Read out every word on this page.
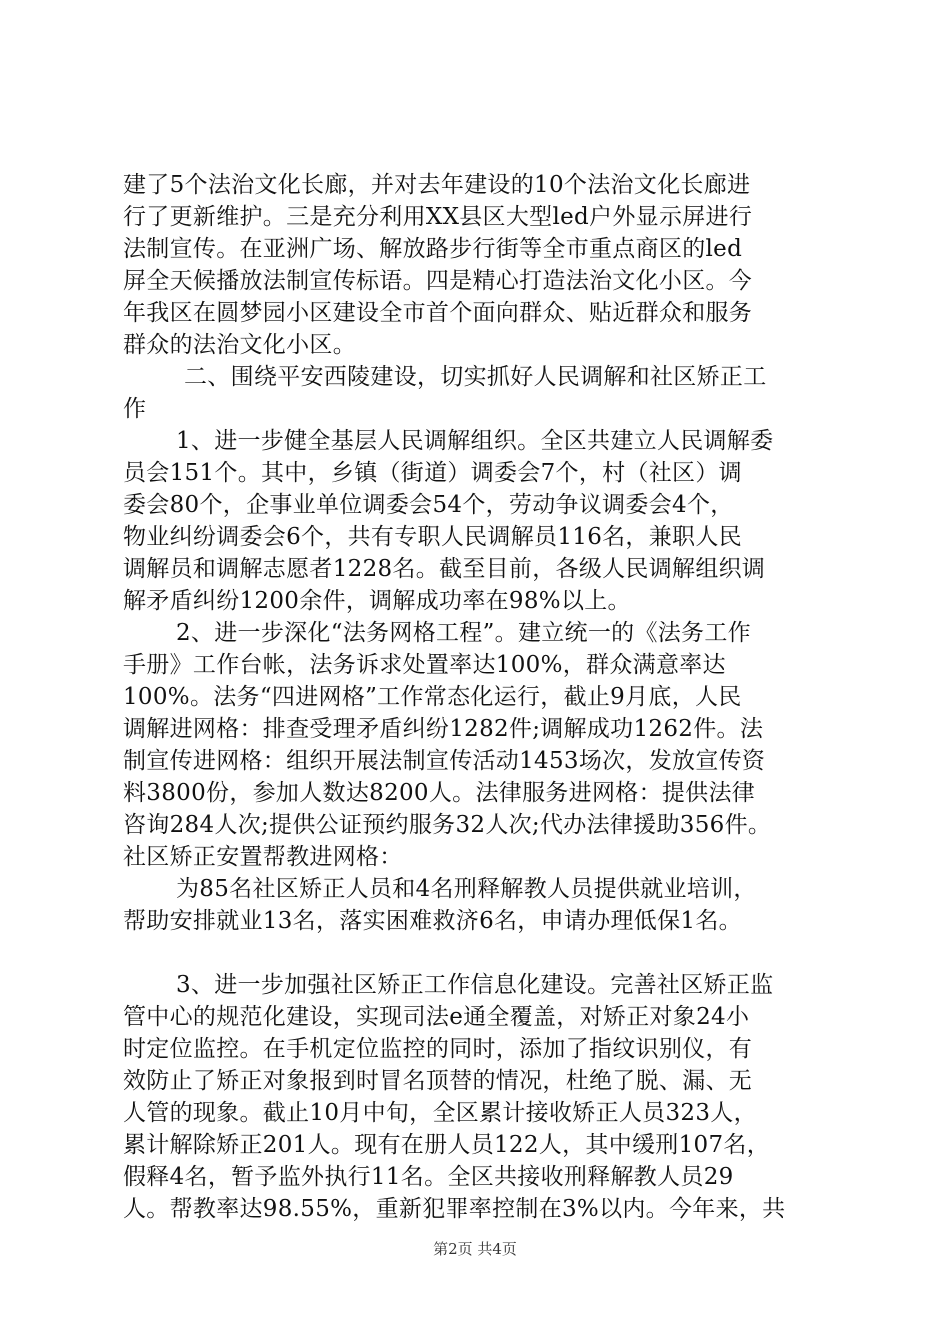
建了5个法治文化长廊，并对去年建设的10个法治文化长廊进
行了更新维护。三是充分利用XX县区大型led户外显示屏进行
法制宣传。在亚洲广场、解放路步行街等全市重点商区的led
屏全天候播放法制宣传标语。四是精心打造法治文化小区。今
年我区在圆梦园小区建设全市首个面向群众、贴近群众和服务
群众的法治文化小区。
二、围绕平安西陵建设，切实抓好人民调解和社区矫正工
作
1、进一步健全基层人民调解组织。全区共建立人民调解委
员会151个。其中，乡镇（街道）调委会7个，村（社区）调
委会80个，企事业单位调委会54个，劳动争议调委会4个，
物业纠纷调委会6个，共有专职人民调解员116名，兼职人民
调解员和调解志愿者1228名。截至目前，各级人民调解组织调
解矛盾纠纷1200余件，调解成功率在98%以上。
2、进一步深化“法务网格工程”。建立统一的《法务工作
手册》工作台帐，法务诉求处置率达100%，群众满意率达
100%。法务“四进网格”工作常态化运行，截止9月底，人民
调解进网格：排查受理矛盾纠纷1282件;调解成功1262件。法
制宣传进网格：组织开展法制宣传活动1453场次，发放宣传资
料3800份，参加人数达8200人。法律服务进网格：提供法律
咨询284人次;提供公证预约服务32人次;代办法律援助356件。
社区矫正安置帮教进网格：
为85名社区矫正人员和4名刑释解教人员提供就业培训，
帮助安排就业13名，落实困难救济6名，申请办理低保1名。
3、进一步加强社区矫正工作信息化建设。完善社区矫正监
管中心的规范化建设，实现司法e通全覆盖，对矫正对象24小
时定位监控。在手机定位监控的同时，添加了指纹识别仪，有
效防止了矫正对象报到时冒名顶替的情况，杜绝了脱、漏、无
人管的现象。截止10月中旬，全区累计接收矫正人员323人，
累计解除矫正201人。现有在册人员122人，其中缓刑107名，
假释4名，暂予监外执行11名。全区共接收刑释解教人员29
人。帮教率达98.55%，重新犯罪率控制在3%以内。今年来，共
第2页 共4页
